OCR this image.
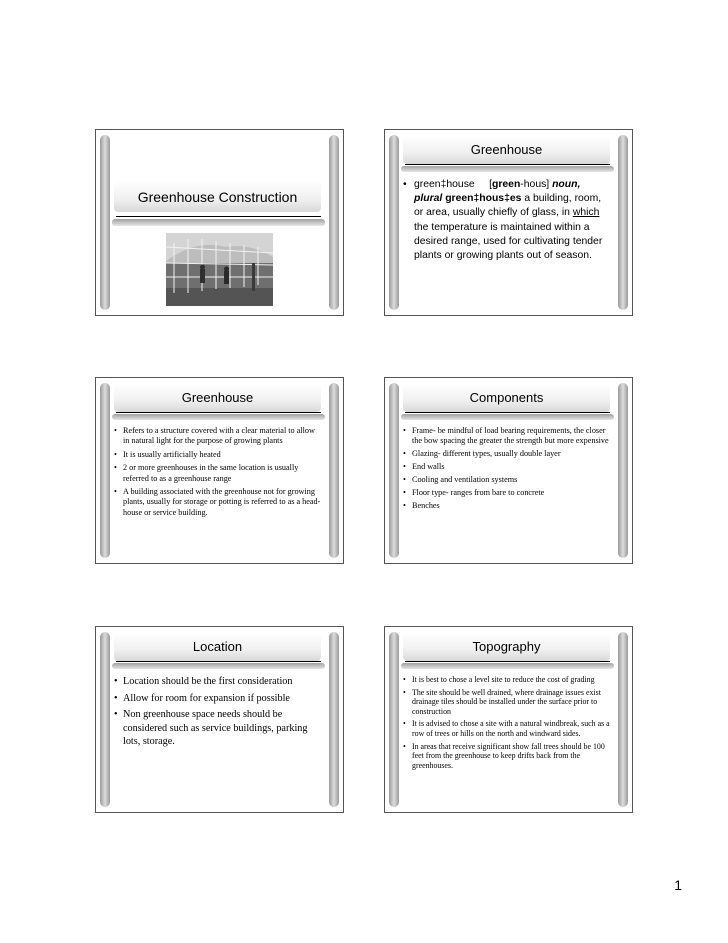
Greenhouse Construction
Greenhouse
• green‡house [green-hous] noun, plural green‡hous‡es a building, room, or area, usually chiefly of glass, in which the temperature is maintained within a desired range, used for cultivating tender plants or growing plants out of season.
Greenhouse
• Refers to a structure covered with a clear material to allow in natural light for the purpose of growing plants
• It is usually artificially heated
• 2 or more greenhouses in the same location is usually referred to as a greenhouse range
• A building associated with the greenhouse not for growing plants, usually for storage or potting is referred to as a head-house or service building.
Components
• Frame- be mindful of load bearing requirements, the closer the bow spacing the greater the strength but more expensive
• Glazing- different types, usually double layer
• End walls
• Cooling and ventilation systems
• Floor type- ranges from bare to concrete
• Benches
Location
• Location should be the first consideration
• Allow for room for expansion if possible
• Non greenhouse space needs should be considered such as service buildings, parking lots, storage.
Topography
• It is best to chose a level site to reduce the cost of grading
• The site should be well drained, where drainage issues exist drainage tiles should be installed under the surface prior to construction
• It is advised to chose a site with a natural windbreak, such as a row of trees or hills on the north and windward sides.
• In areas that receive significant show fall trees should be 100 feet from the greenhouse to keep drifts back from the greenhouses.
1
